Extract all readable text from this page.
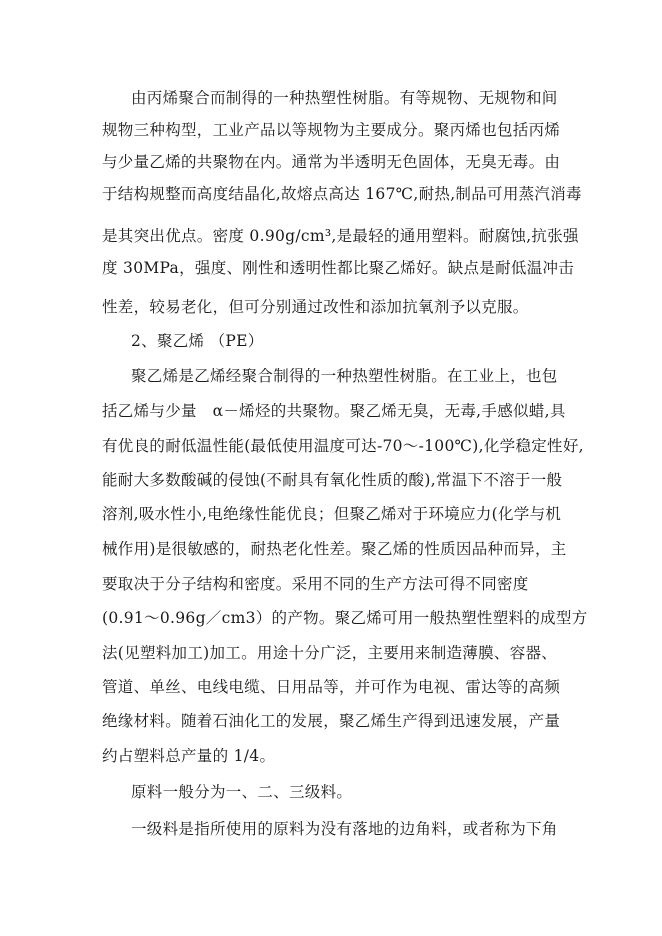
由丙烯聚合而制得的一种热塑性树脂。有等规物、无规物和间

规物三种构型，工业产品以等规物为主要成分。聚丙烯也包括丙烯

与少量乙烯的共聚物在内。通常为半透明无色固体，无臭无毒。由

于结构规整而高度结晶化,故熔点高达 167℃,耐热,制品可用蒸汽消毒

是其突出优点。密度 0.90g/cm³,是最轻的通用塑料。耐腐蚀,抗张强

度 30MPa，强度、刚性和透明性都比聚乙烯好。缺点是耐低温冲击

性差，较易老化，但可分别通过改性和添加抗氧剂予以克服。

2、聚乙烯 （PE）

聚乙烯是乙烯经聚合制得的一种热塑性树脂。在工业上，也包

括乙烯与少量　α－烯烃的共聚物。聚乙烯无臭，无毒,手感似蜡,具

有优良的耐低温性能(最低使用温度可达-70～-100℃),化学稳定性好,

能耐大多数酸碱的侵蚀(不耐具有氧化性质的酸),常温下不溶于一般

溶剂,吸水性小,电绝缘性能优良；但聚乙烯对于环境应力(化学与机

械作用)是很敏感的，耐热老化性差。聚乙烯的性质因品种而异，主

要取决于分子结构和密度。采用不同的生产方法可得不同密度

(0.91～0.96g／cm3）的产物。聚乙烯可用一般热塑性塑料的成型方

法(见塑料加工)加工。用途十分广泛，主要用来制造薄膜、容器、

管道、单丝、电线电缆、日用品等，并可作为电视、雷达等的高频

绝缘材料。随着石油化工的发展，聚乙烯生产得到迅速发展，产量

约占塑料总产量的 1/4。

原料一般分为一、二、三级料。

一级料是指所使用的原料为没有落地的边角料，或者称为下角
